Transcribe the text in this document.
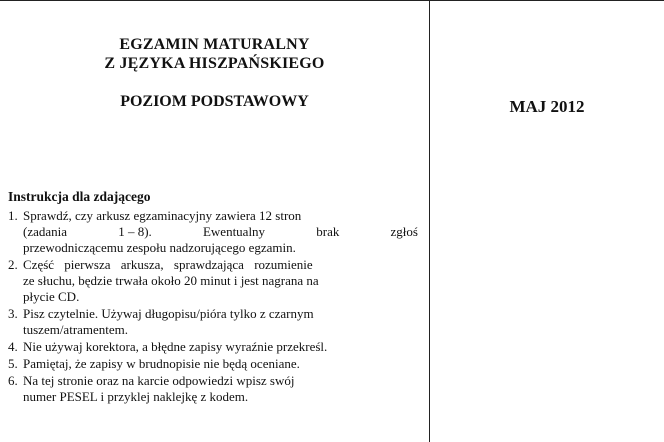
EGZAMIN MATURALNY
Z JĘZYKA HISZPAŃSKIEGO
POZIOM PODSTAWOWY
Instrukcja dla zdającego
1. Sprawdź, czy arkusz egzaminacyjny zawiera 12 stron
(zadania	1 – 8).	Ewentualny	brak	zgłoś
przewodniczącemu zespołu nadzorującego egzamin.
2. Część pierwsza arkusza, sprawdzająca rozumienie
ze słuchu, będzie trwała około 20 minut i jest nagrana na
płycie CD.
3. Pisz czytelnie. Używaj długopisu/pióra tylko z czarnym
tuszem/atramentem.
4. Nie używaj korektora, a błędne zapisy wyraźnie przekreśl.
5. Pamiętaj, że zapisy w brudnopisie nie będą oceniane.
6. Na tej stronie oraz na karcie odpowiedzi wpisz swój
numer PESEL i przyklej naklejkę z kodem.
MAJ 2012
